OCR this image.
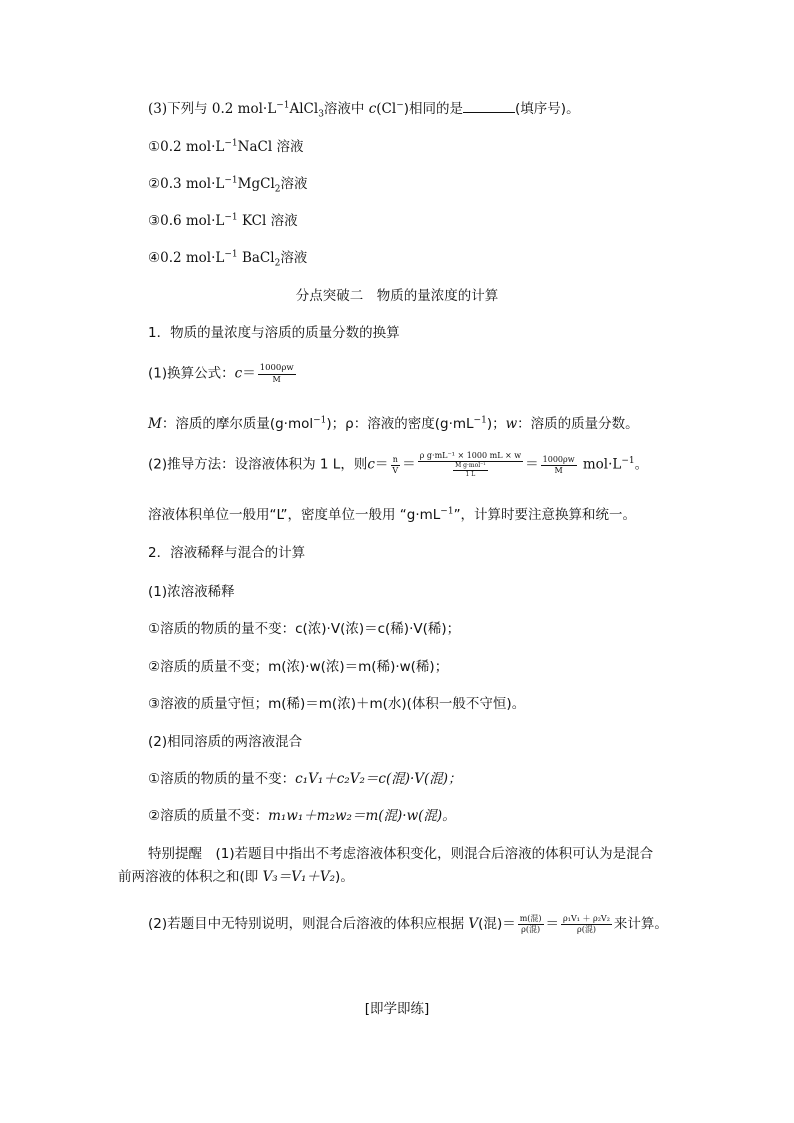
(3)下列与 0.2 $mol\cdot L^{-1}AlCl_3$溶液中 c(Cl−)相同的是	(填序号)。
①0.2 $mol\cdot L^{-1}NaCl$ 溶液
②0.3 $mol\cdot L^{-1}MgCl_2$溶液
③0.6 $mol\cdot L^{-1}$ KCl 溶液
④0.2 $mol\cdot L^{-1}$ BaCl$_2$溶液
分点突破二　物质的量浓度的计算
1．物质的量浓度与溶质的质量分数的换算
(1)换算公式：$c= \frac{1000\rho w}{M}$
M：溶质的摩尔质量(g·mol$^{-1}$)；ρ：溶液的密度$(g\cdot mL^{-1})$；w：溶质的质量分数。
(2)推导方法：设溶液体积为 1 L，则$c= \frac{n}{V} = \frac{\text{ρ g·mL⁻¹ × 1000 mL × w}}{\frac{\text{M g·mol⁻¹}}{1 L}} = \frac{1000\rho w}{M} mol\cdot L^{-1}$。
溶液体积单位一般用“L”，密度单位一般用 “$g\cdot mL^{-1}$”，计算时要注意换算和统一。
2．溶液稀释与混合的计算
(1)浓溶液稀释
①溶质的物质的量不变：c(浓)·V(浓)＝c(稀)·V(稀)；
②溶质的质量不变；m(浓)·w(浓)＝m(稀)·w(稀)；
③溶液的质量守恒；m(稀)＝m(浓)＋m(水)(体积一般不守恒)。
(2)相同溶质的两溶液混合
①溶质的物质的量不变：c₁V₁＋c₂V₂＝c(混)·V(混)；
②溶质的质量不变：m₁w₁＋m₂w₂＝m(混)·w(混)。
特别提醒　(1)若题目中指出不考虑溶液体积变化，则混合后溶液的体积可认为是混合
前两溶液的体积之和(即 V₃＝V₁＋V₂)。
(2)若题目中无特别说明，则混合后溶液的体积应根据 V(混)＝ $\frac{\text{m(混)}}{\text{ρ(混)}} = \frac{\text{ρ₁V₁ ＋ ρ₂V₂}}{\text{ρ(混)}}$ 来计算。
[即学即练]
